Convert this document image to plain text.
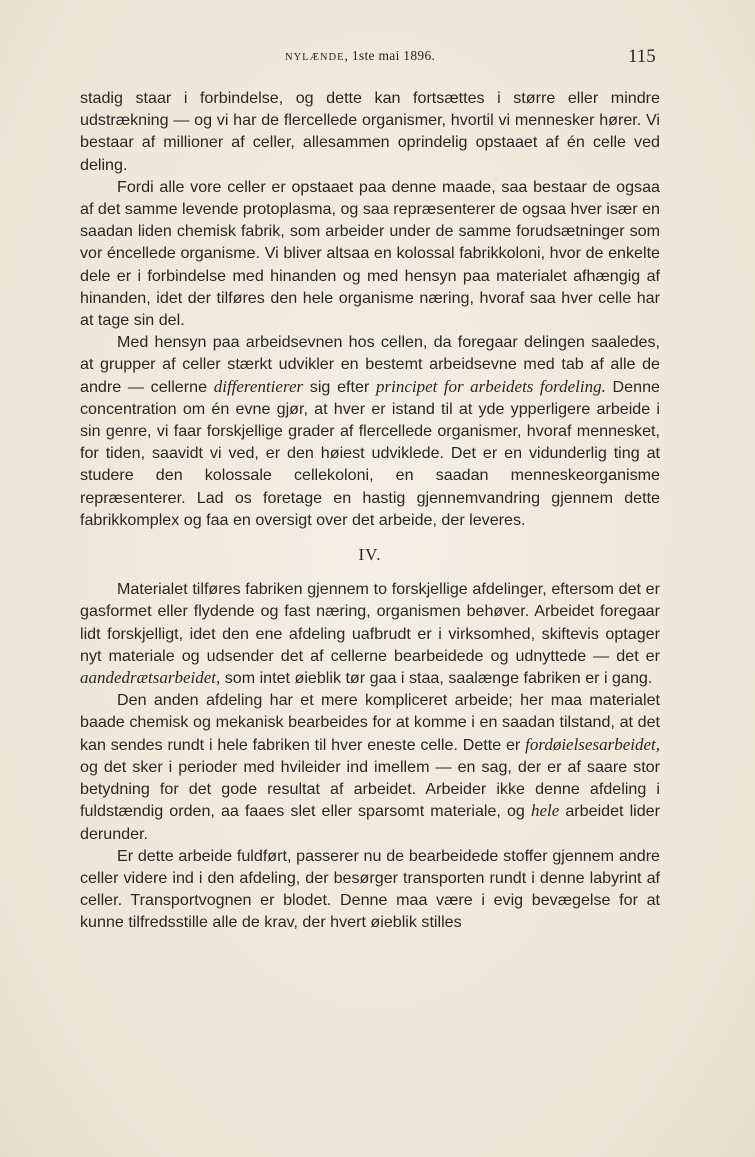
NYLÆNDE, 1ste mai 1896.	115

stadig staar i forbindelse, og dette kan fortsættes i større eller mindre udstrækning — og vi har de flercellede organismer, hvortil vi mennesker hører. Vi bestaar af millioner af celler, allesammen oprindelig opstaaet af én celle ved deling.

Fordi alle vore celler er opstaaet paa denne maade, saa bestaar de ogsaa af det samme levende protoplasma, og saa repræsenterer de ogsaa hver især en saadan liden chemisk fabrik, som arbeider under de samme forudsætninger som vor éncellede organisme. Vi bliver altsaa en kolossal fabrikkoloni, hvor de enkelte dele er i forbindelse med hinanden og med hensyn paa materialet afhængig af hinanden, idet der tilføres den hele organisme næring, hvoraf saa hver celle har at tage sin del.

Med hensyn paa arbeidsevnen hos cellen, da foregaar delingen saaledes, at grupper af celler stærkt udvikler en bestemt arbeidsevne med tab af alle de andre — cellerne differentierer sig efter principet for arbeidets fordeling. Denne concentration om én evne gjør, at hver er istand til at yde ypperligere arbeide i sin genre, vi faar forskjellige grader af flercellede organismer, hvoraf mennesket, for tiden, saavidt vi ved, er den høiest udviklede. Det er en vidunderlig ting at studere den kolossale cellekoloni, en saadan menneskeorganisme repræsenterer. Lad os foretage en hastig gjennemvandring gjennem dette fabrikkomplex og faa en oversigt over det arbeide, der leveres.

IV.

Materialet tilføres fabriken gjennem to forskjellige afdelinger, eftersom det er gasformet eller flydende og fast næring, organismen behøver. Arbeidet foregaar lidt forskjelligt, idet den ene afdeling uafbrudt er i virksomhed, skiftevis optager nyt materiale og udsender det af cellerne bearbeidede og udnyttede — det er aandedrætsarbeidet, som intet øieblik tør gaa i staa, saalænge fabriken er i gang.

Den anden afdeling har et mere kompliceret arbeide; her maa materialet baade chemisk og mekanisk bearbeides for at komme i en saadan tilstand, at det kan sendes rundt i hele fabriken til hver eneste celle. Dette er fordøielsesarbeidet, og det sker i perioder med hvileider ind imellem — en sag, der er af saare stor betydning for det gode resultat af arbeidet. Arbeider ikke denne afdeling i fuldstændig orden, aa faaes slet eller sparsomt materiale, og hele arbeidet lider derunder.

Er dette arbeide fuldført, passerer nu de bearbeidede stoffer gjennem andre celler videre ind i den afdeling, der besørger transporten rundt i denne labyrint af celler. Transportvognen er blodet. Denne maa være i evig bevægelse for at kunne tilfredsstille alle de krav, der hvert øieblik stilles
